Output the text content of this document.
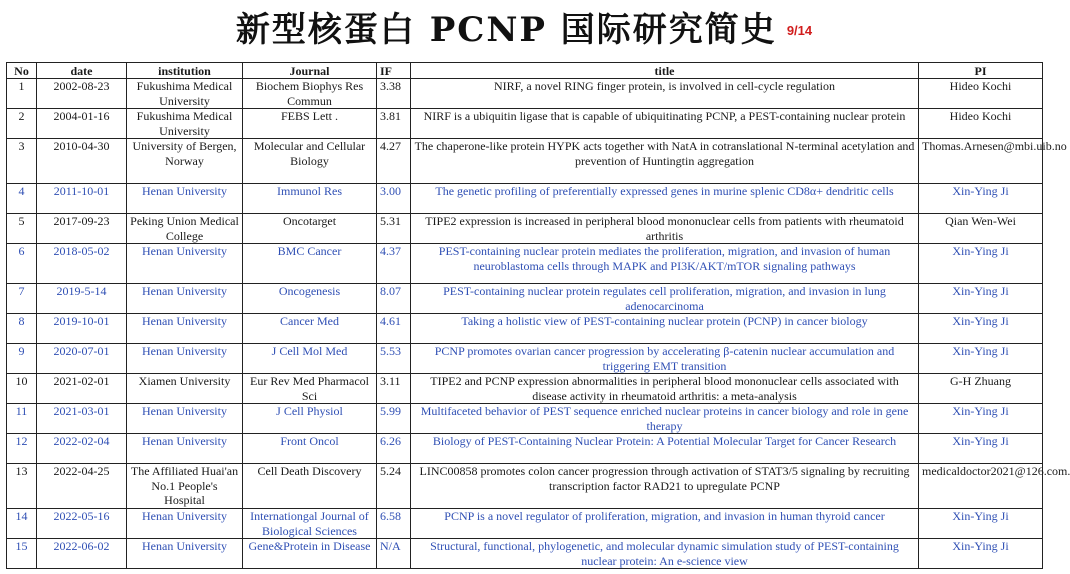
新型核蛋白 PCNP 国际研究简史 9/14
No	date	institution	Journal	IF	title	PI
1	2002-08-23	Fukushima Medical University	Biochem Biophys Res Commun	3.38	NIRF, a novel RING finger protein, is involved in cell-cycle regulation	Hideo Kochi
2	2004-01-16	Fukushima Medical University	FEBS Lett .	3.81	NIRF is a ubiquitin ligase that is capable of ubiquitinating PCNP, a PEST-containing nuclear protein	Hideo Kochi
3	2010-04-30	University of Bergen, Norway	Molecular and Cellular Biology	4.27	The chaperone-like protein HYPK acts together with NatA in cotranslational N-terminal acetylation and prevention of Huntingtin aggregation	Thomas.Arnesen@mbi.uib.no
4	2011-10-01	Henan University	Immunol Res	3.00	The genetic profiling of preferentially expressed genes in murine splenic CD8α+ dendritic cells	Xin-Ying Ji
5	2017-09-23	Peking Union Medical College	Oncotarget	5.31	TIPE2 expression is increased in peripheral blood mononuclear cells from patients with rheumatoid arthritis	Qian Wen-Wei
6	2018-05-02	Henan University	BMC Cancer	4.37	PEST-containing nuclear protein mediates the proliferation, migration, and invasion of human neuroblastoma cells through MAPK and PI3K/AKT/mTOR signaling pathways	Xin-Ying Ji
7	2019-5-14	Henan University	Oncogenesis	8.07	PEST-containing nuclear protein regulates cell proliferation, migration, and invasion in lung adenocarcinoma	Xin-Ying Ji
8	2019-10-01	Henan University	Cancer Med	4.61	Taking a holistic view of PEST-containing nuclear protein (PCNP) in cancer biology	Xin-Ying Ji
9	2020-07-01	Henan University	J Cell Mol Med	5.53	PCNP promotes ovarian cancer progression by accelerating β-catenin nuclear accumulation and triggering EMT transition	Xin-Ying Ji
10	2021-02-01	Xiamen University	Eur Rev Med Pharmacol Sci	3.11	TIPE2 and PCNP expression abnormalities in peripheral blood mononuclear cells associated with disease activity in rheumatoid arthritis: a meta-analysis	G-H Zhuang
11	2021-03-01	Henan University	J Cell Physiol	5.99	Multifaceted behavior of PEST sequence enriched nuclear proteins in cancer biology and role in gene therapy	Xin-Ying Ji
12	2022-02-04	Henan University	Front Oncol	6.26	Biology of PEST-Containing Nuclear Protein: A Potential Molecular Target for Cancer Research	Xin-Ying Ji
13	2022-04-25	The Affiliated Huai'an No.1 People's Hospital	Cell Death Discovery	5.24	LINC00858 promotes colon cancer progression through activation of STAT3/5 signaling by recruiting transcription factor RAD21 to upregulate PCNP	medicaldoctor2021@126.com.
14	2022-05-16	Henan University	Internationgal Journal of Biological Sciences	6.58	PCNP is a novel regulator of proliferation, migration, and invasion in human thyroid cancer	Xin-Ying Ji
15	2022-06-02	Henan University	Gene&Protein in Disease	N/A	Structural, functional, phylogenetic, and molecular dynamic simulation study of PEST-containing nuclear protein: An e-science view	Xin-Ying Ji
